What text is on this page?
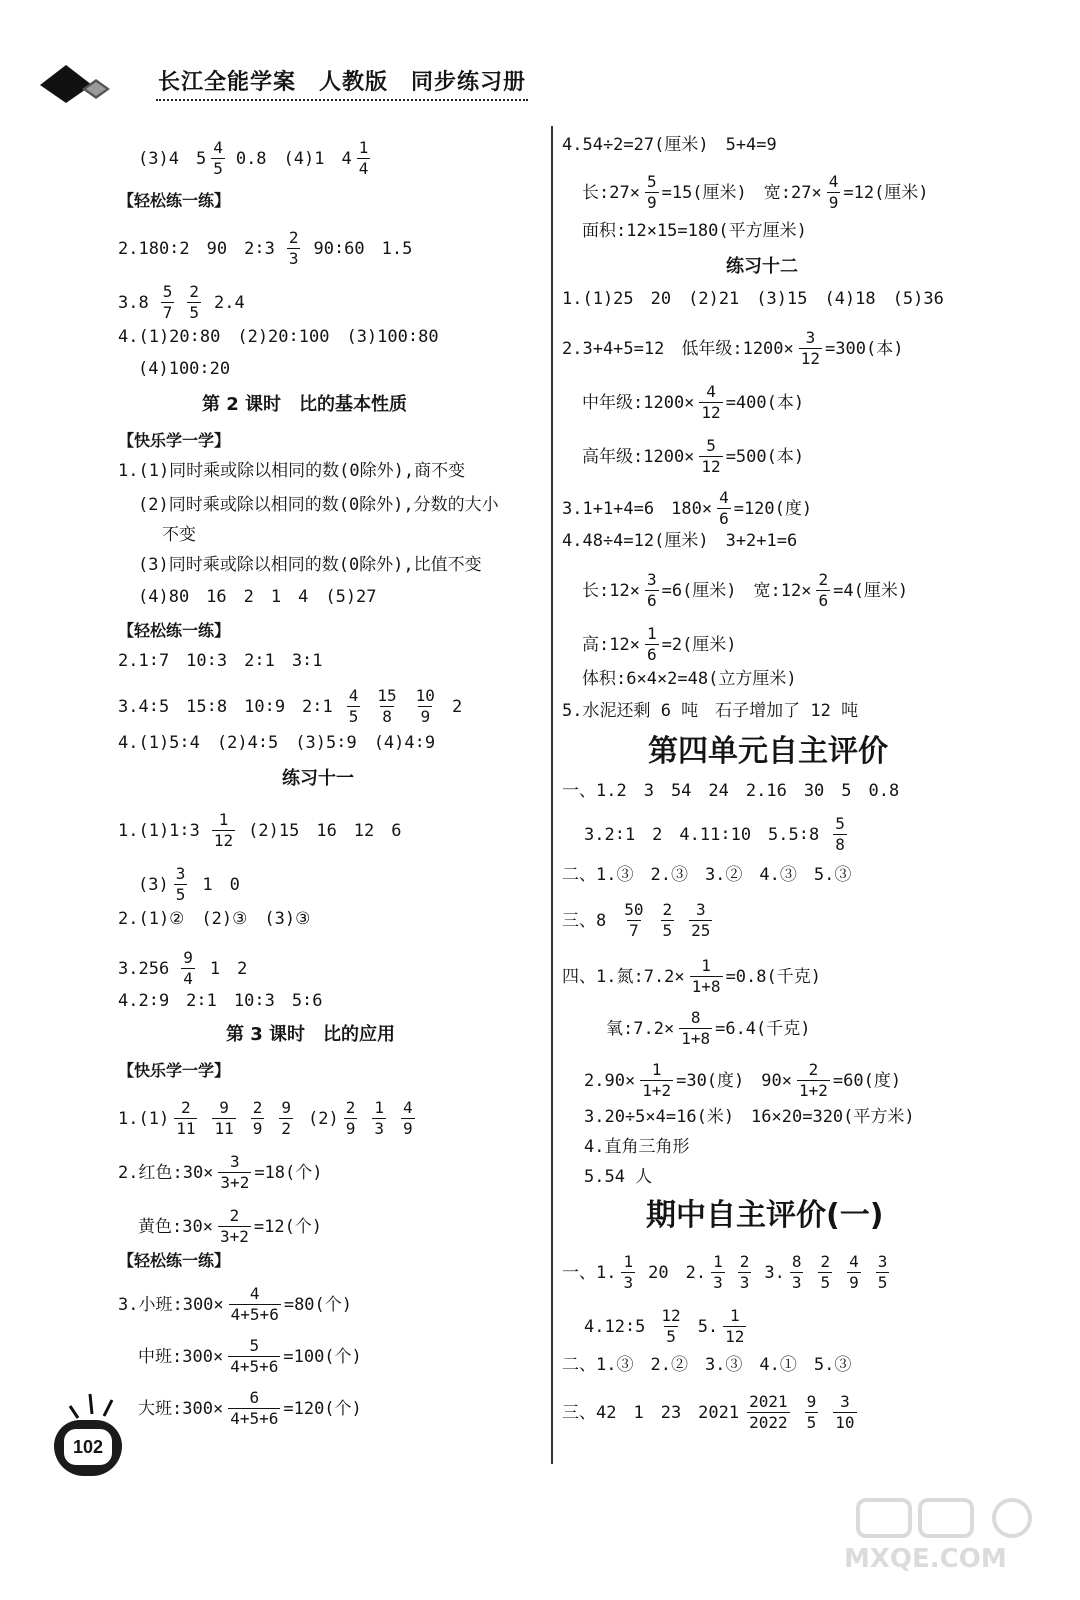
长江全能学案　人教版　同步练习册
(3)4　$5 \frac{4}{5} 0.8$　(4)1　$4 \frac{1}{4}$
【轻松练一练】
2.180∶2　90　2∶3 $\frac{2}{3}$ 90∶60　1.5
$3.8 \frac{5}{7} \frac{2}{5} 2.4$
4.(1)20∶80　(2)20∶100　(3)100∶80
(4)100∶20
第 2 课时　比的基本性质
【快乐学一学】
1.(1)同时乘或除以相同的数(0除外),商不变
(2)同时乘或除以相同的数(0除外),分数的大小
不变
(3)同时乘或除以相同的数(0除外),比值不变
(4)80　16　2　1　4　(5)27
【轻松练一练】
2.1∶7　10∶3　2∶1　3∶1
3.4∶5　15∶8　10∶9　2∶1 $\frac{4}{5} \frac{15}{8} \frac{10}{9} 2$
4.(1)5∶4　(2)4∶5　(3)5∶9　(4)4∶9
练习十一
1.(1)1∶3 $\frac{1}{12} (2)15$　16　12　6
$(3) \frac{3}{5} 1$　0
2.(1)②　(2)③　(3)③
$3.256 \frac{9}{4} 1$　2
4.2∶9　2∶1　10∶3　5∶6
第 3 课时　比的应用
【快乐学一学】
$1.(1) \frac{2}{11} \frac{9}{11} \frac{2}{9} \frac{9}{2} (2) \frac{2}{9} \frac{1}{3} \frac{4}{9}$
2.红色:30× $\frac{3}{3+2} =18$(个)
黄色:30× $\frac{2}{3+2} =12$(个)
【轻松练一练】
3.小班:300× $\frac{4}{4+5+6} =80$(个)
中班:300× $\frac{5}{4+5+6} =100$(个)
大班:300× $\frac{6}{4+5+6} =120$(个)
4.54÷2=27(厘米)　5+4=9
长:27× $\frac{5}{9} =15$(厘米)　宽:27× $\frac{4}{9} =12$(厘米)
面积:12×15=180(平方厘米)
练习十二
1.(1)25　20　(2)21　(3)15　(4)18　(5)36
2.3+4+5=12　低年级:1200× $\frac{3}{12} =300$(本)
中年级:1200× $\frac{4}{12} =400$(本)
高年级:1200× $\frac{5}{12} =500$(本)
3.1+1+4=6　$180\times \frac{4}{6} =120$(度)
4.48÷4=12(厘米)　3+2+1=6
长:12× $\frac{3}{6} =6$(厘米)　宽:12× $\frac{2}{6} =4$(厘米)
高:12× $\frac{1}{6} =2$(厘米)
体积:6×4×2=48(立方厘米)
5.水泥还剩 6 吨　石子增加了 12 吨
第四单元自主评价
一、1.2　3　54　24　2.16　30　5　0.8
3.2∶1　2　4.11∶10　5.5∶8 $\frac{5}{8}$
二、1.③　2.③　3.②　4.③　5.③
三、$8 \frac{50}{7} \frac{2}{5} \frac{3}{25}$
四、1.氮:7.2× $\frac{1}{1+8} =0.8$(千克)
氧:7.2× $\frac{8}{1+8} =6.4$(千克)
$2.90\times \frac{1}{1+2} =30$(度)　$90\times \frac{2}{1+2} =60$(度)
3.20÷5×4=16(米)　16×20=320(平方米)
4.直角三角形
5.54 人
期中自主评价(一)
一、1. $\frac{1}{3} 20$　2. $\frac{1}{3} \frac{2}{3} 3$. $\frac{8}{3} \frac{2}{5} \frac{4}{9} \frac{3}{5}$
4.12∶5 $\frac{12}{5} 5$. $\frac{1}{12}$
二、1.③　2.②　3.③　4.①　5.③
三、42　1　23　$2021 \frac{2021}{2022} \frac{9}{5} \frac{3}{10}$
102
MXQE.COM
